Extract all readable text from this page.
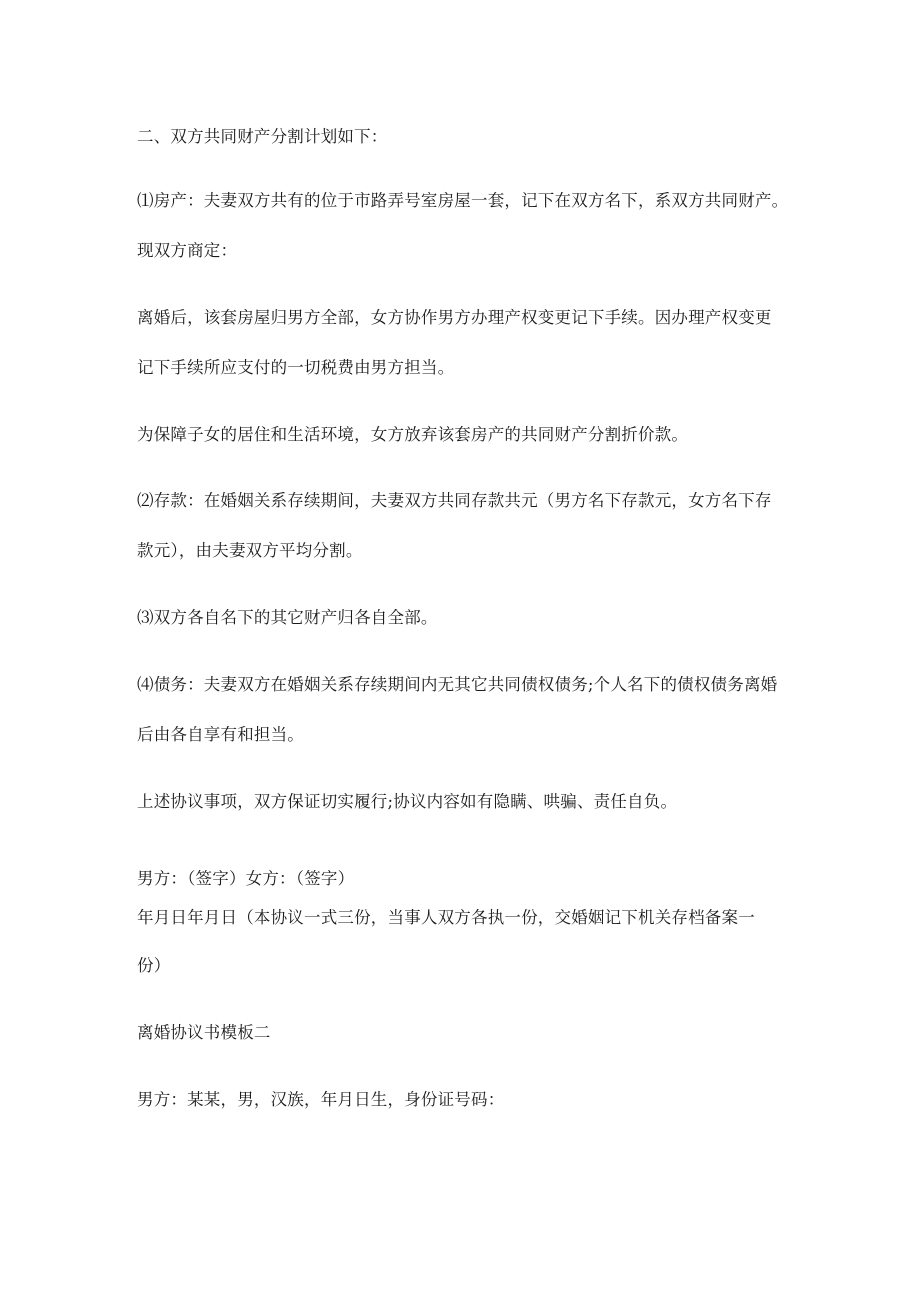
二、双方共同财产分割计划如下：
⑴房产：夫妻双方共有的位于市路弄号室房屋一套，记下在双方名下，系双方共同财产。
现双方商定：
离婚后，该套房屋归男方全部，女方协作男方办理产权变更记下手续。因办理产权变更
记下手续所应支付的一切税费由男方担当。
为保障子女的居住和生活环境，女方放弃该套房产的共同财产分割折价款。
⑵存款：在婚姻关系存续期间，夫妻双方共同存款共元（男方名下存款元，女方名下存
款元），由夫妻双方平均分割。
⑶双方各自名下的其它财产归各自全部。
⑷债务：夫妻双方在婚姻关系存续期间内无其它共同债权债务;个人名下的债权债务离婚
后由各自享有和担当。
上述协议事项，双方保证切实履行;协议内容如有隐瞒、哄骗、责任自负。
男方：（签字）女方：（签字）
年月日年月日（本协议一式三份，当事人双方各执一份，交婚姻记下机关存档备案一
份）
离婚协议书模板二
男方：某某，男，汉族，年月日生，身份证号码：
